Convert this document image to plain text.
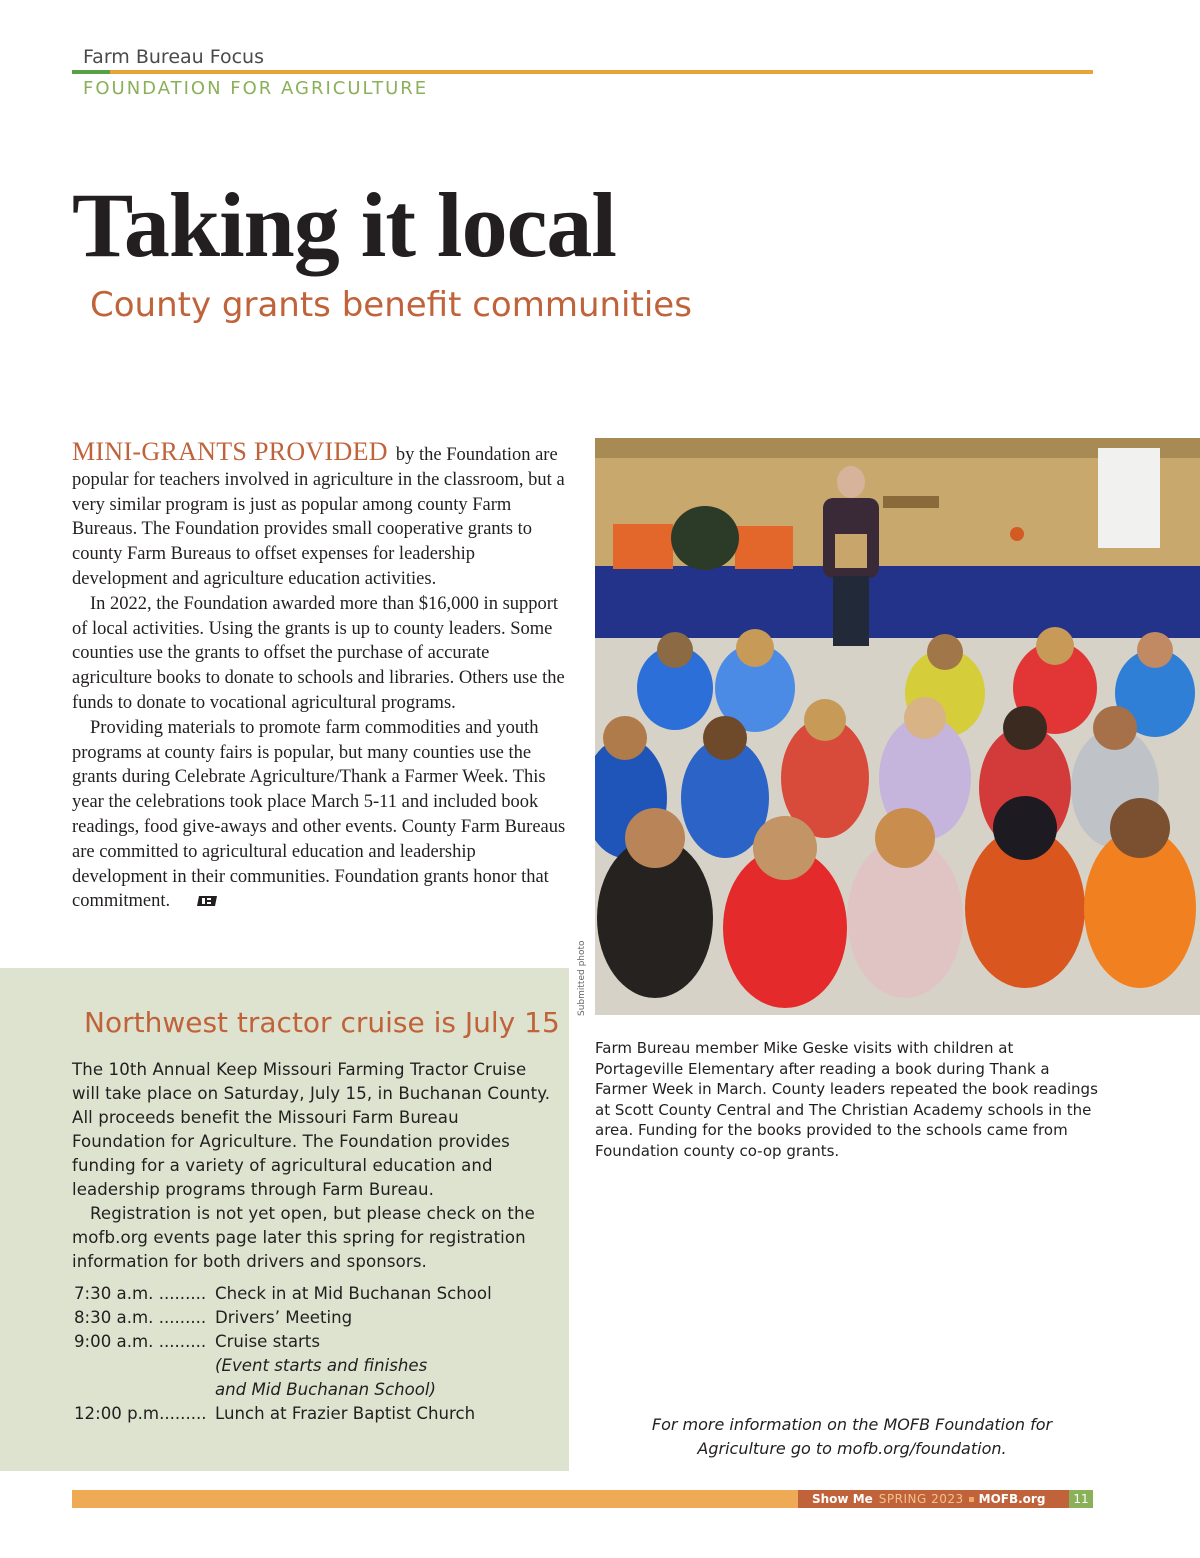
Farm Bureau Focus
FOUNDATION FOR AGRICULTURE
Taking it local
County grants benefit communities

MINI-GRANTS PROVIDED by the Foundation are popular for teachers involved in agriculture in the classroom, but a very similar program is just as popular among county Farm Bureaus. The Foundation provides small cooperative grants to county Farm Bureaus to offset expenses for leadership development and agriculture education activities.

In 2022, the Foundation awarded more than $16,000 in support of local activities. Using the grants is up to county leaders. Some counties use the grants to offset the purchase of accurate agriculture books to donate to schools and libraries. Others use the funds to donate to vocational agricultural programs.

Providing materials to promote farm commodities and youth programs at county fairs is popular, but many counties use the grants during Celebrate Agriculture/Thank a Farmer Week. This year the celebrations took place March 5-11 and included book readings, food give-aways and other events. County Farm Bureaus are committed to agricultural education and leadership development in their communities. Foundation grants honor that commitment.

Submitted photo
Farm Bureau member Mike Geske visits with children at Portageville Elementary after reading a book during Thank a Farmer Week in March. County leaders repeated the book readings at Scott County Central and The Christian Academy schools in the area. Funding for the books provided to the schools came from Foundation county co-op grants.
Northwest tractor cruise is July 15

The 10th Annual Keep Missouri Farming Tractor Cruise will take place on Saturday, July 15, in Buchanan County. All proceeds benefit the Missouri Farm Bureau Foundation for Agriculture. The Foundation provides funding for a variety of agricultural education and leadership programs through Farm Bureau.

Registration is not yet open, but please check on the mofb.org events page later this spring for registration information for both drivers and sponsors.

7:30 a.m. ......... Check in at Mid Buchanan School
8:30 a.m. ......... Drivers’ Meeting
9:00 a.m. ......... Cruise starts
(Event starts and finishes
and Mid Buchanan School)
12:00 p.m......... Lunch at Frazier Baptist Church
For more information on the MOFB Foundation for
Agriculture go to mofb.org/foundation.
Show Me SPRING 2023 MOFB.org	11
